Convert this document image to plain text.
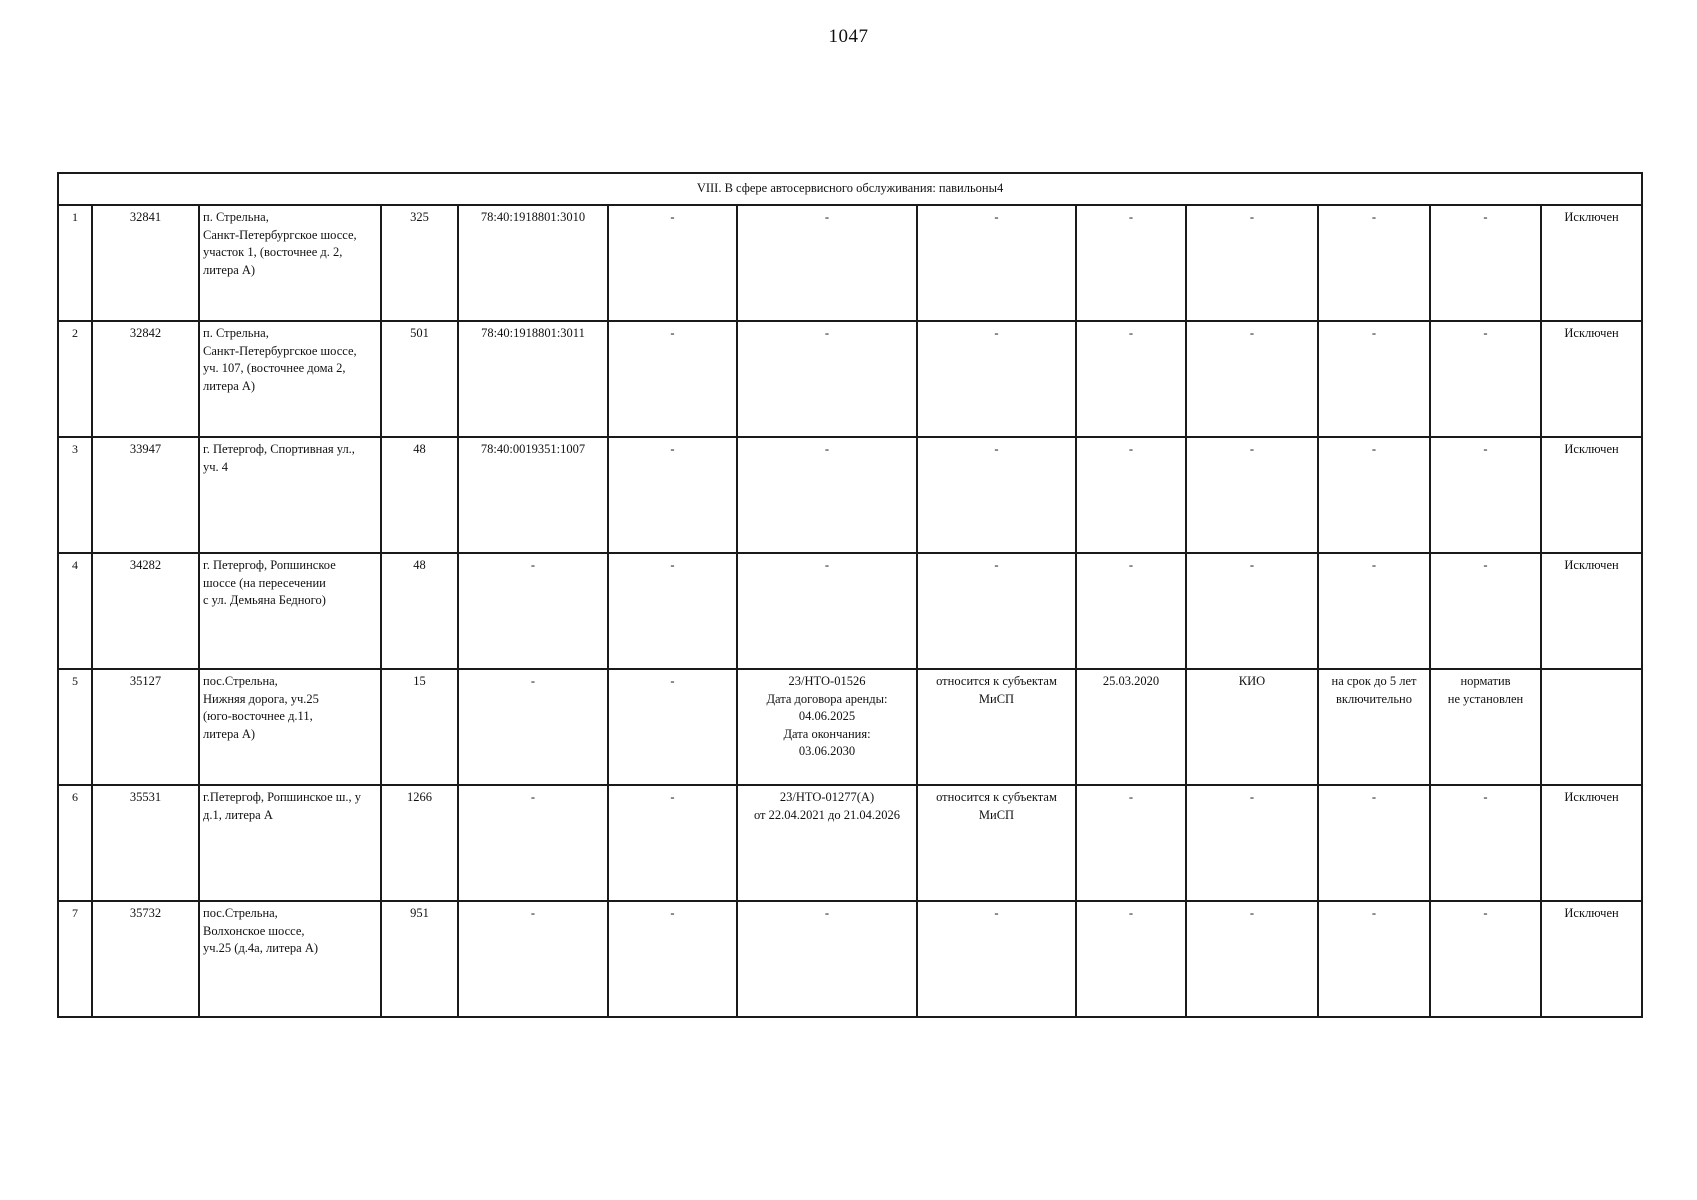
1047
VIII. В сфере автосервисного обслуживания: павильоны4												
1	32841	п. Стрельна,
Санкт-Петербургское шоссе,
участок 1, (восточнее д. 2,
литера А)	325	78:40:1918801:3010	-	-	-	-	-	-	-	Исключен
2	32842	п. Стрельна,
Санкт-Петербургское шоссе,
уч. 107, (восточнее дома 2,
литера А)	501	78:40:1918801:3011	-	-	-	-	-	-	-	Исключен
3	33947	г. Петергоф, Спортивная ул.,
уч. 4	48	78:40:0019351:1007	-	-	-	-	-	-	-	Исключен
4	34282	г. Петергоф, Ропшинское
шоссе (на пересечении
с ул. Демьяна Бедного)	48	-	-	-	-	-	-	-	-	Исключен
5	35127	пос.Стрельна,
Нижняя дорога, уч.25
(юго-восточнее д.11,
литера А)	15	-	-	23/НТО-01526
Дата договора аренды:
04.06.2025
Дата окончания:
03.06.2030	относится к субъектам
МиСП	25.03.2020	КИО	на срок до 5 лет
включительно	норматив
не установлен	

6	35531	г.Петергоф, Ропшинское ш., у
д.1, литера А	1266	-	-	23/НТО-01277(А)
от 22.04.2021 до 21.04.2026	относится к субъектам
МиСП	-	-	-	-	Исключен
7	35732	пос.Стрельна,
Волхонское шоссе,
уч.25 (д.4а, литера А)	951	-	-	-	-	-	-	-	-	Исключен
